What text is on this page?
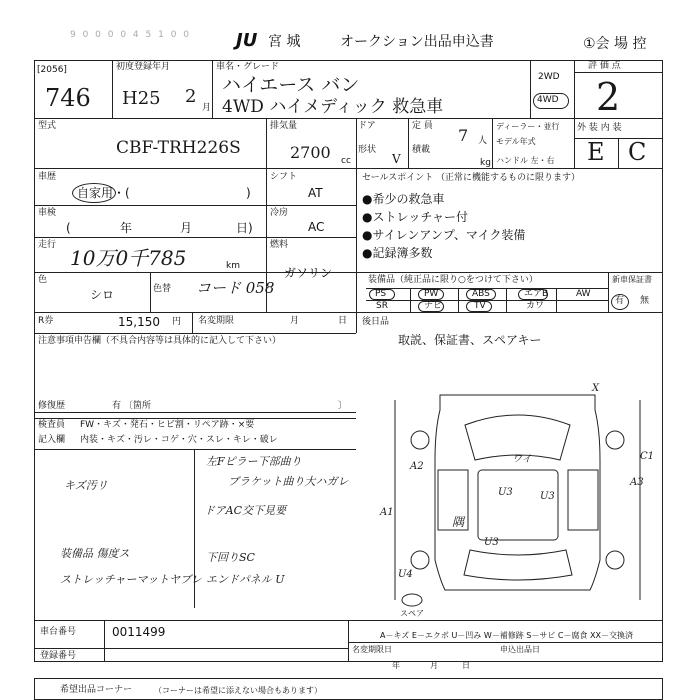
9 0 0 0 0 4 5 1 0 0 JU 宮 城	オークション出品申込書	①会 場 控
[2056]
746
初度登録年月
H25 2
月
車名・グレード
ハイエース バン
4WD ハイメディック 救急車
2WD
4WD
評 価 点
2
型式
CBF-TRH226S
排気量
2700 cc
ドア
形状
V
定 員 7 人
積載
kg
ディーラー・並行
モデル年式
ハンドル 左・右
外 装 内 装
E C
車歴
自家用・(	)
シフト
AT
車検
(	年	月	日)
冷房
AC
走行
10万0千785	km
燃料
ガソリン
色
シロ	色替 コード 058
R券	15,150 円 名変期限	月	日
セールスポイント （正常に機能するものに限ります）
●希少の救急車
●ストレッチャー付
●サイレンアンプ、マイク装備
●記録簿多数
装備品（純正品に限り○をつけて下さい）	新車保証書
PS	PW	ABS	エアB	AW
SR	ナビ	TV	カワ	有 無
後日品
取説、保証書、スペアキー
注意事項申告欄（不具合内容等は具体的に記入して下さい）
修復歴	有 〔箇所	〕
検査員 FW・キズ・発石・ヒビ割・リペア跡・×要
記入欄 内装・キズ・汚レ・コゲ・穴・スレ・キレ・破レ
左Fピラー下部曲り
ブラケット曲り大ハガレ
キズ汚リ
ドアAC交下見要
装備品 傷度ス
ストレッチャーマットヤブレ
下回りSC
エンドパネル U
A2
C1
A3
A1
ワイ
U3	U3
U3
隅
U4
スペア
X
車台番号	0011499
登録番号
A－キズ E－エクボ U－凹み W－補修跡 S－サビ C－腐食 XX－交換済
名変期限日	申込出品日
年	月	日
希望出品コーナー	（コーナーは希望に添えない場合もあります）
